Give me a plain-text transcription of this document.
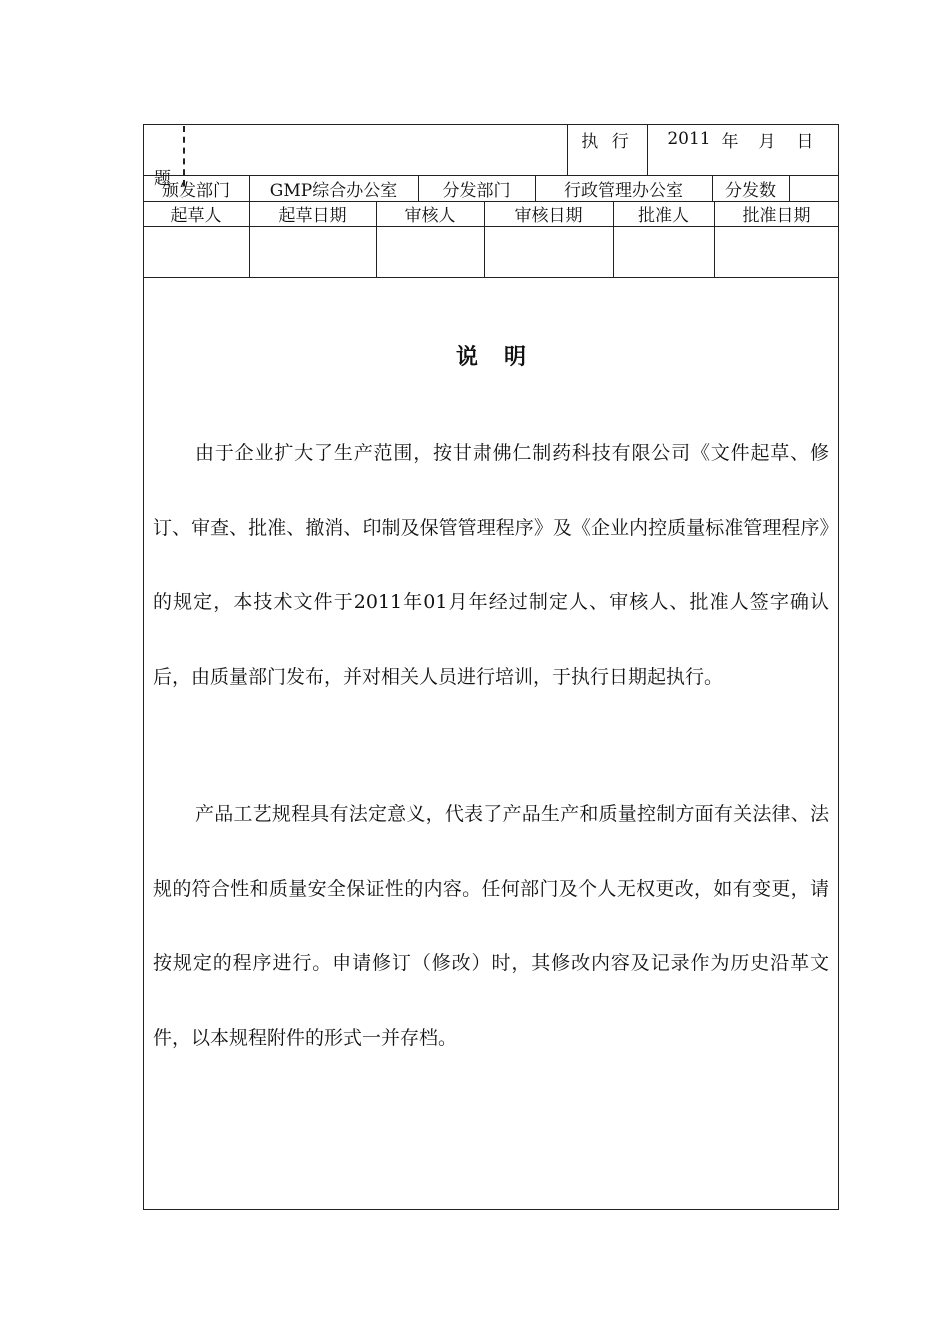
题
执 行	2011 年	月	日
颁发部门	GMP综合办公室	分发部门	行政管理办公室	分发数
起草人	起草日期	审核人	审核日期	批准人	批准日期
说明

由于企业扩大了生产范围，按甘肃佛仁制药科技有限公司《文件起草、修订、审查、批准、撤消、印制及保管管理程序》及《企业内控质量标准管理程序》的规定，本技术文件于2011年01月年经过制定人、审核人、批准人签字确认后，由质量部门发布，并对相关人员进行培训，于执行日期起执行。

产品工艺规程具有法定意义，代表了产品生产和质量控制方面有关法律、法规的符合性和质量安全保证性的内容。任何部门及个人无权更改，如有变更，请按规定的程序进行。申请修订（修改）时，其修改内容及记录作为历史沿革文件，以本规程附件的形式一并存档。
